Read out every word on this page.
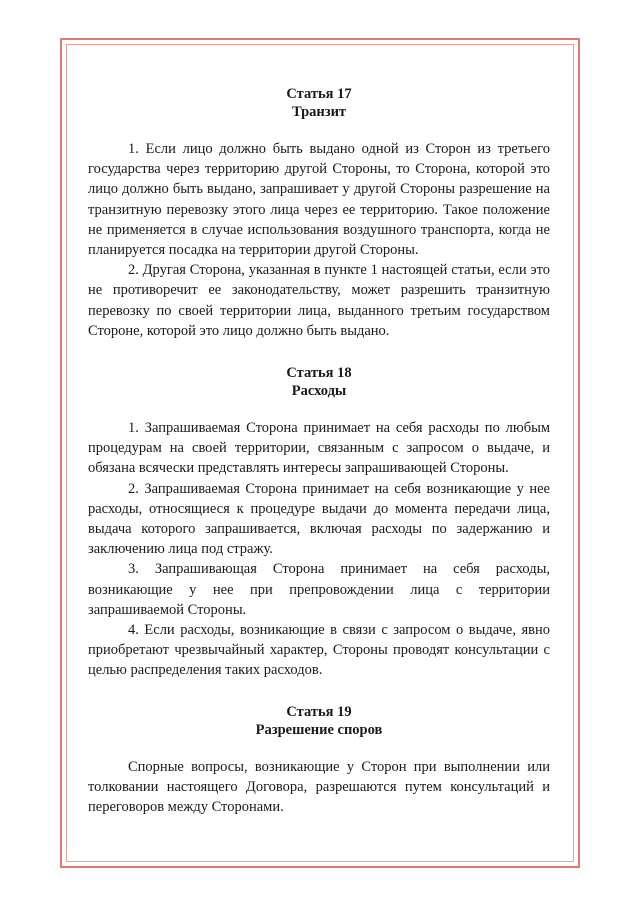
Статья 17

Транзит

1. Если лицо должно быть выдано одной из Сторон из третьего государства через территорию другой Стороны, то Сторона, которой это лицо должно быть выдано, запрашивает у другой Стороны разрешение на транзитную перевозку этого лица через ее территорию. Такое положение не применяется в случае использования воздушного транспорта, когда не планируется посадка на территории другой Стороны.

2. Другая Сторона, указанная в пункте 1 настоящей статьи, если это не противоречит ее законодательству, может разрешить транзитную перевозку по своей территории лица, выданного третьим государством Стороне, которой это лицо должно быть выдано.

Статья 18

Расходы

1. Запрашиваемая Сторона принимает на себя расходы по любым процедурам на своей территории, связанным с запросом о выдаче, и обязана всячески представлять интересы запрашивающей Стороны.

2. Запрашиваемая Сторона принимает на себя возникающие у нее расходы, относящиеся к процедуре выдачи до момента передачи лица, выдача которого запрашивается, включая расходы по задержанию и заключению лица под стражу.

3. Запрашивающая Сторона принимает на себя расходы, возникающие у нее при препровождении лица с территории запрашиваемой Стороны.

4. Если расходы, возникающие в связи с запросом о выдаче, явно приобретают чрезвычайный характер, Стороны проводят консультации с целью распределения таких расходов.

Статья 19

Разрешение споров

Спорные вопросы, возникающие у Сторон при выполнении или толковании настоящего Договора, разрешаются путем консультаций и переговоров между Сторонами.
